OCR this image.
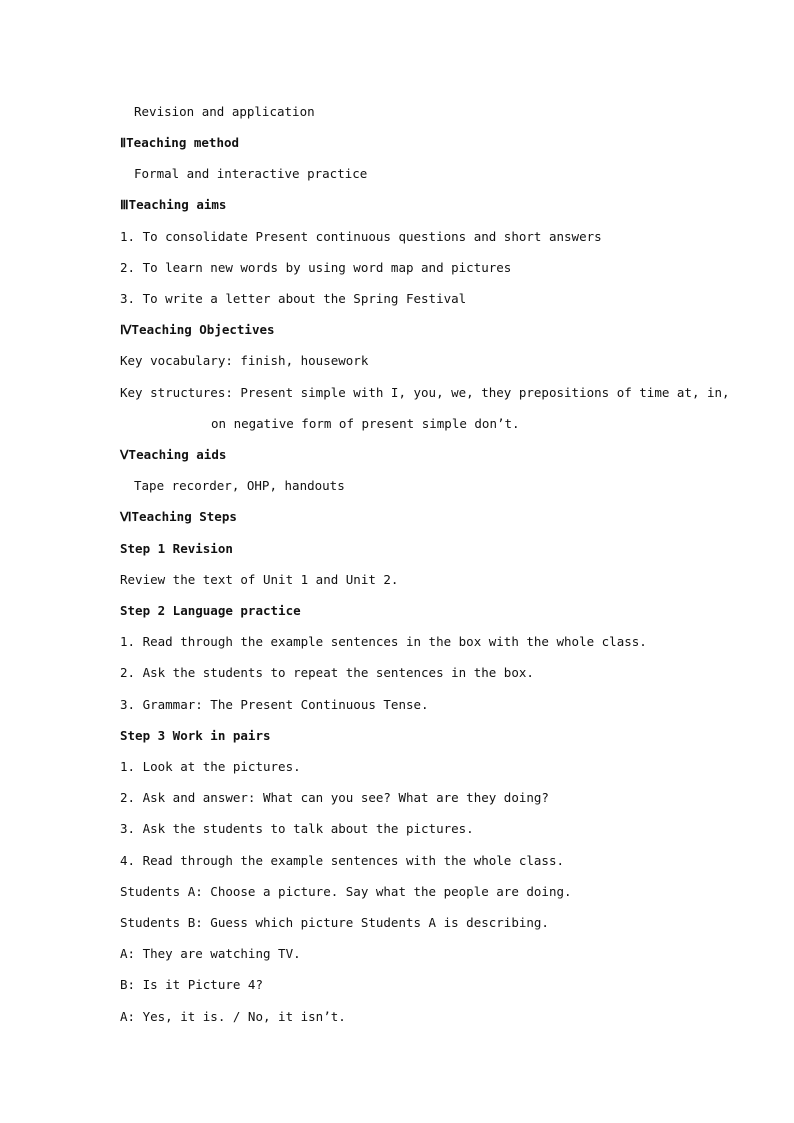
Revision and application
ⅡTeaching method
Formal and interactive practice
ⅢTeaching aims
1. To consolidate Present continuous questions and short answers
2. To learn new words by using word map and pictures
3. To write a letter about the Spring Festival
ⅣTeaching Objectives
Key vocabulary: finish, housework
Key structures: Present simple with I, you, we, they prepositions of time at, in,
on negative form of present simple don’t.
ⅤTeaching aids
Tape recorder, OHP, handouts
ⅥTeaching Steps
Step 1 Revision
Review the text of Unit 1 and Unit 2.
Step 2 Language practice
1. Read through the example sentences in the box with the whole class.
2. Ask the students to repeat the sentences in the box.
3. Grammar: The Present Continuous Tense.
Step 3 Work in pairs
1. Look at the pictures.
2. Ask and answer: What can you see? What are they doing?
3. Ask the students to talk about the pictures.
4. Read through the example sentences with the whole class.
Students A: Choose a picture. Say what the people are doing.
Students B: Guess which picture Students A is describing.
A: They are watching TV.
B: Is it Picture 4?
A: Yes, it is. / No, it isn’t.
